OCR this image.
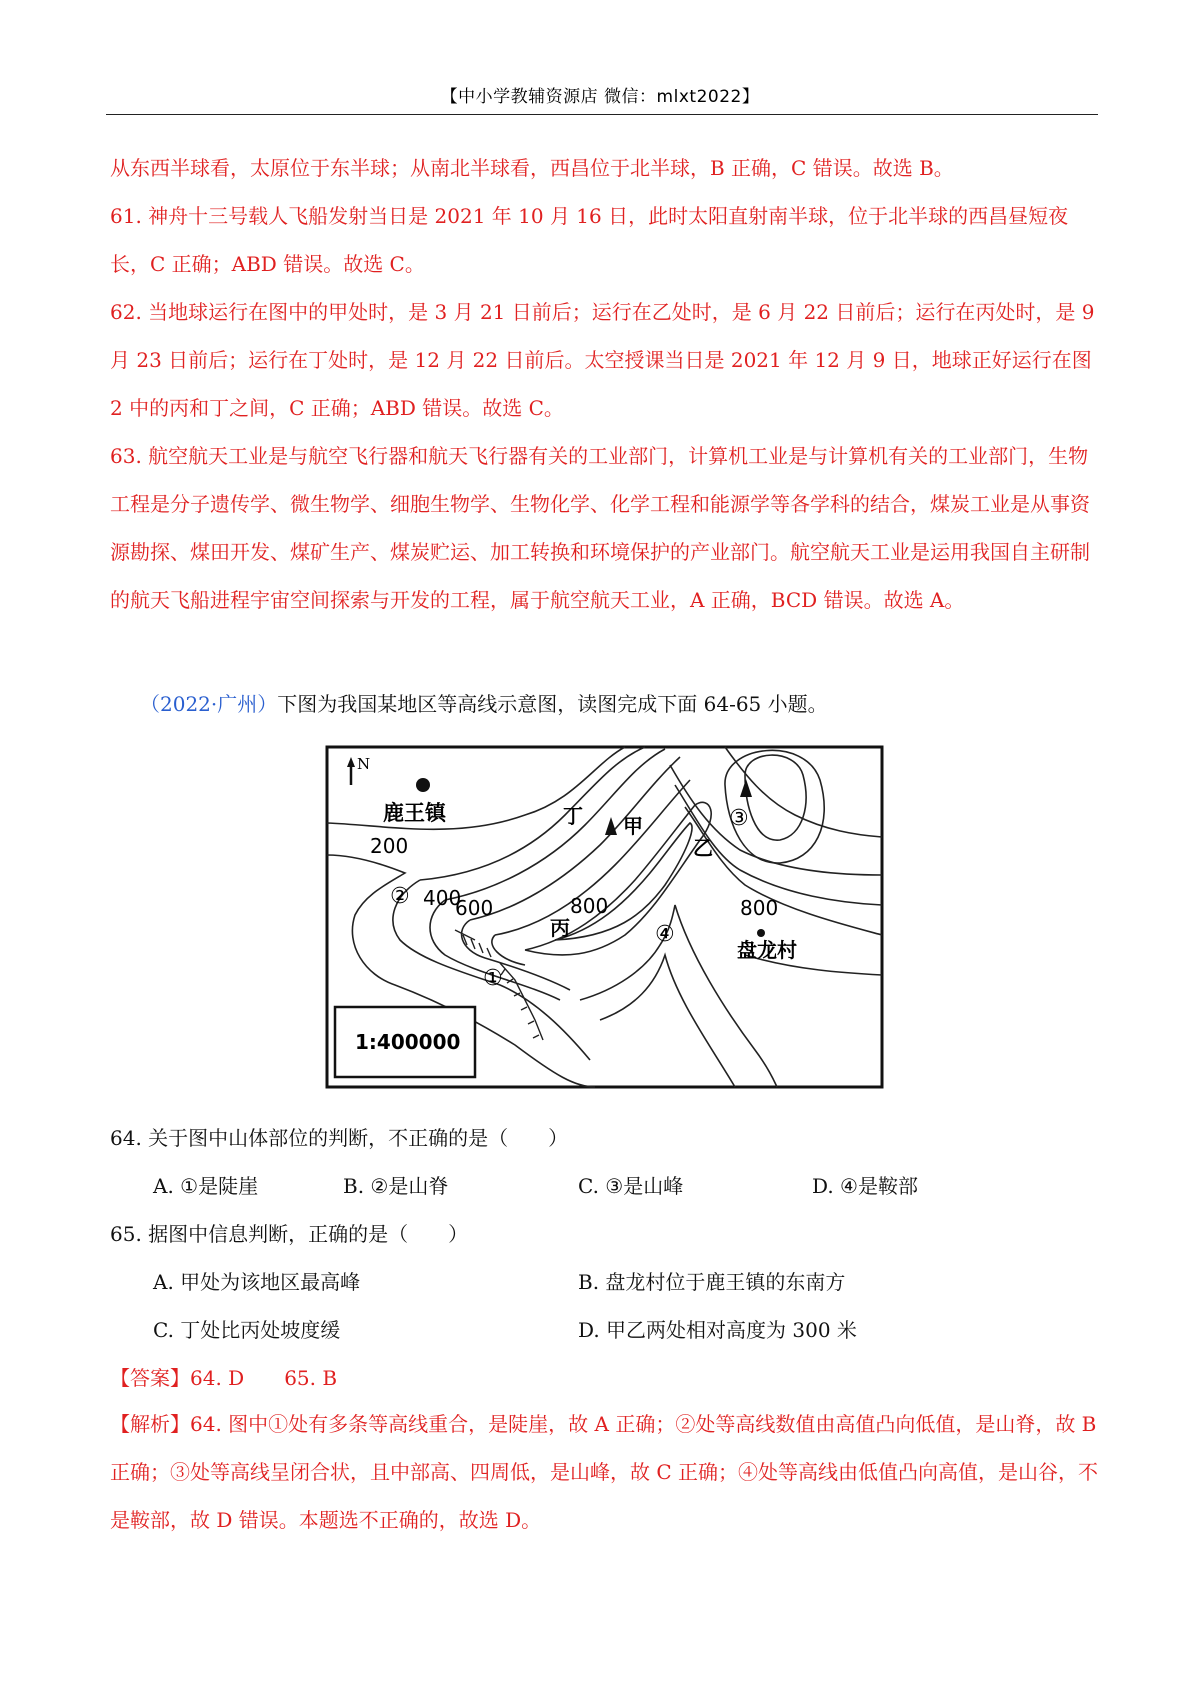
【中小学教辅资源店 微信：mlxt2022】

从东西半球看，太原位于东半球；从南北半球看，西昌位于北半球，B 正确，C 错误。故选 B。

61. 神舟十三号载人飞船发射当日是 2021 年 10 月 16 日，此时太阳直射南半球，位于北半球的西昌昼短夜长，C 正确；ABD 错误。故选 C。

62. 当地球运行在图中的甲处时，是 3 月 21 日前后；运行在乙处时，是 6 月 22 日前后；运行在丙处时，是 9 月 23 日前后；运行在丁处时，是 12 月 22 日前后。太空授课当日是 2021 年 12 月 9 日，地球正好运行在图 2 中的丙和丁之间，C 正确；ABD 错误。故选 C。

63. 航空航天工业是与航空飞行器和航天飞行器有关的工业部门，计算机工业是与计算机有关的工业部门，生物工程是分子遗传学、微生物学、细胞生物学、生物化学、化学工程和能源学等各学科的结合，煤炭工业是从事资源勘探、煤田开发、煤矿生产、煤炭贮运、加工转换和环境保护的产业部门。航空航天工业是运用我国自主研制的航天飞船进程宇宙空间探索与开发的工程，属于航空航天工业，A 正确，BCD 错误。故选 A。

（2022·广州）下图为我国某地区等高线示意图，读图完成下面 64-65 小题。
N
鹿王镇
200
400
600	800	800
甲
乙
丙
丁
①
②
③
④
盘龙村
1:400000
64. 关于图中山体部位的判断，不正确的是（　　）
A. ①是陡崖	B. ②是山脊	C. ③是山峰	D. ④是鞍部
65. 据图中信息判断，正确的是（　　）
A. 甲处为该地区最高峰	B. 盘龙村位于鹿王镇的东南方
C. 丁处比丙处坡度缓	D. 甲乙两处相对高度为 300 米
【答案】64. D　　65. B

【解析】64. 图中①处有多条等高线重合，是陡崖，故 A 正确；②处等高线数值由高值凸向低值，是山脊，故 B 正确；③处等高线呈闭合状，且中部高、四周低，是山峰，故 C 正确；④处等高线由低值凸向高值，是山谷，不是鞍部，故 D 错误。本题选不正确的，故选 D。
